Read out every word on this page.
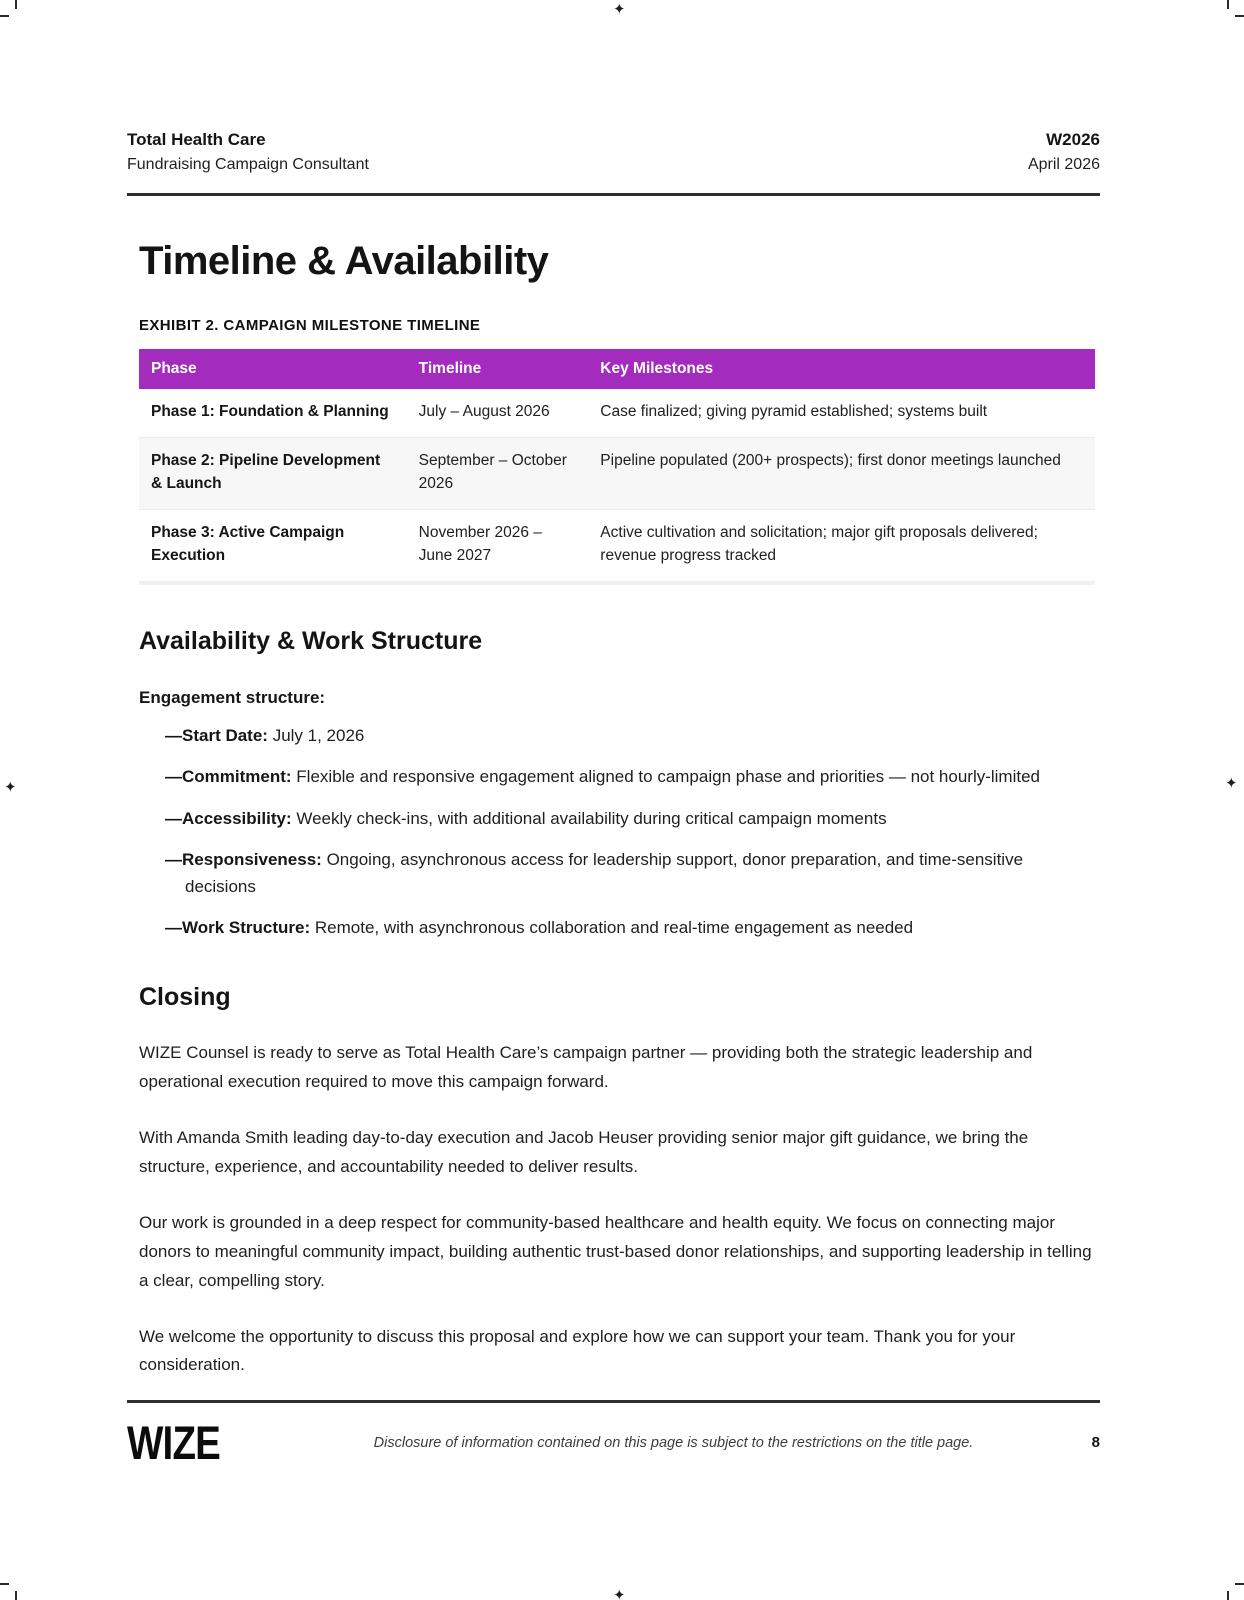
✦
✦	✦
✦
Total Health Care
Fundraising Campaign Consultant
W2026
April 2026
Timeline & Availability
EXHIBIT 2. CAMPAIGN MILESTONE TIMELINE
Phase	Timeline	Key Milestones
Phase 1: Foundation & Planning	July – August 2026	Case finalized; giving pyramid established; systems built
Phase 2: Pipeline Development & Launch	September – October 2026	Pipeline populated (200+ prospects); first donor meetings launched
Phase 3: Active Campaign Execution	November 2026 – June 2027	Active cultivation and solicitation; major gift proposals delivered; revenue progress tracked
Availability & Work Structure
Engagement structure:
— Start Date: July 1, 2026
— Commitment: Flexible and responsive engagement aligned to campaign phase and priorities — not hourly-limited
— Accessibility: Weekly check-ins, with additional availability during critical campaign moments
— Responsiveness: Ongoing, asynchronous access for leadership support, donor preparation, and time-sensitive decisions
— Work Structure: Remote, with asynchronous collaboration and real-time engagement as needed
Closing

WIZE Counsel is ready to serve as Total Health Care’s campaign partner — providing both the strategic leadership and operational execution required to move this campaign forward.

With Amanda Smith leading day-to-day execution and Jacob Heuser providing senior major gift guidance, we bring the structure, experience, and accountability needed to deliver results.

Our work is grounded in a deep respect for community-based healthcare and health equity. We focus on connecting major donors to meaningful community impact, building authentic trust-based donor relationships, and supporting leadership in telling a clear, compelling story.

We welcome the opportunity to discuss this proposal and explore how we can support your team. Thank you for your consideration.

WIZE	Disclosure of information contained on this page is subject to the restrictions on the title page.	8
